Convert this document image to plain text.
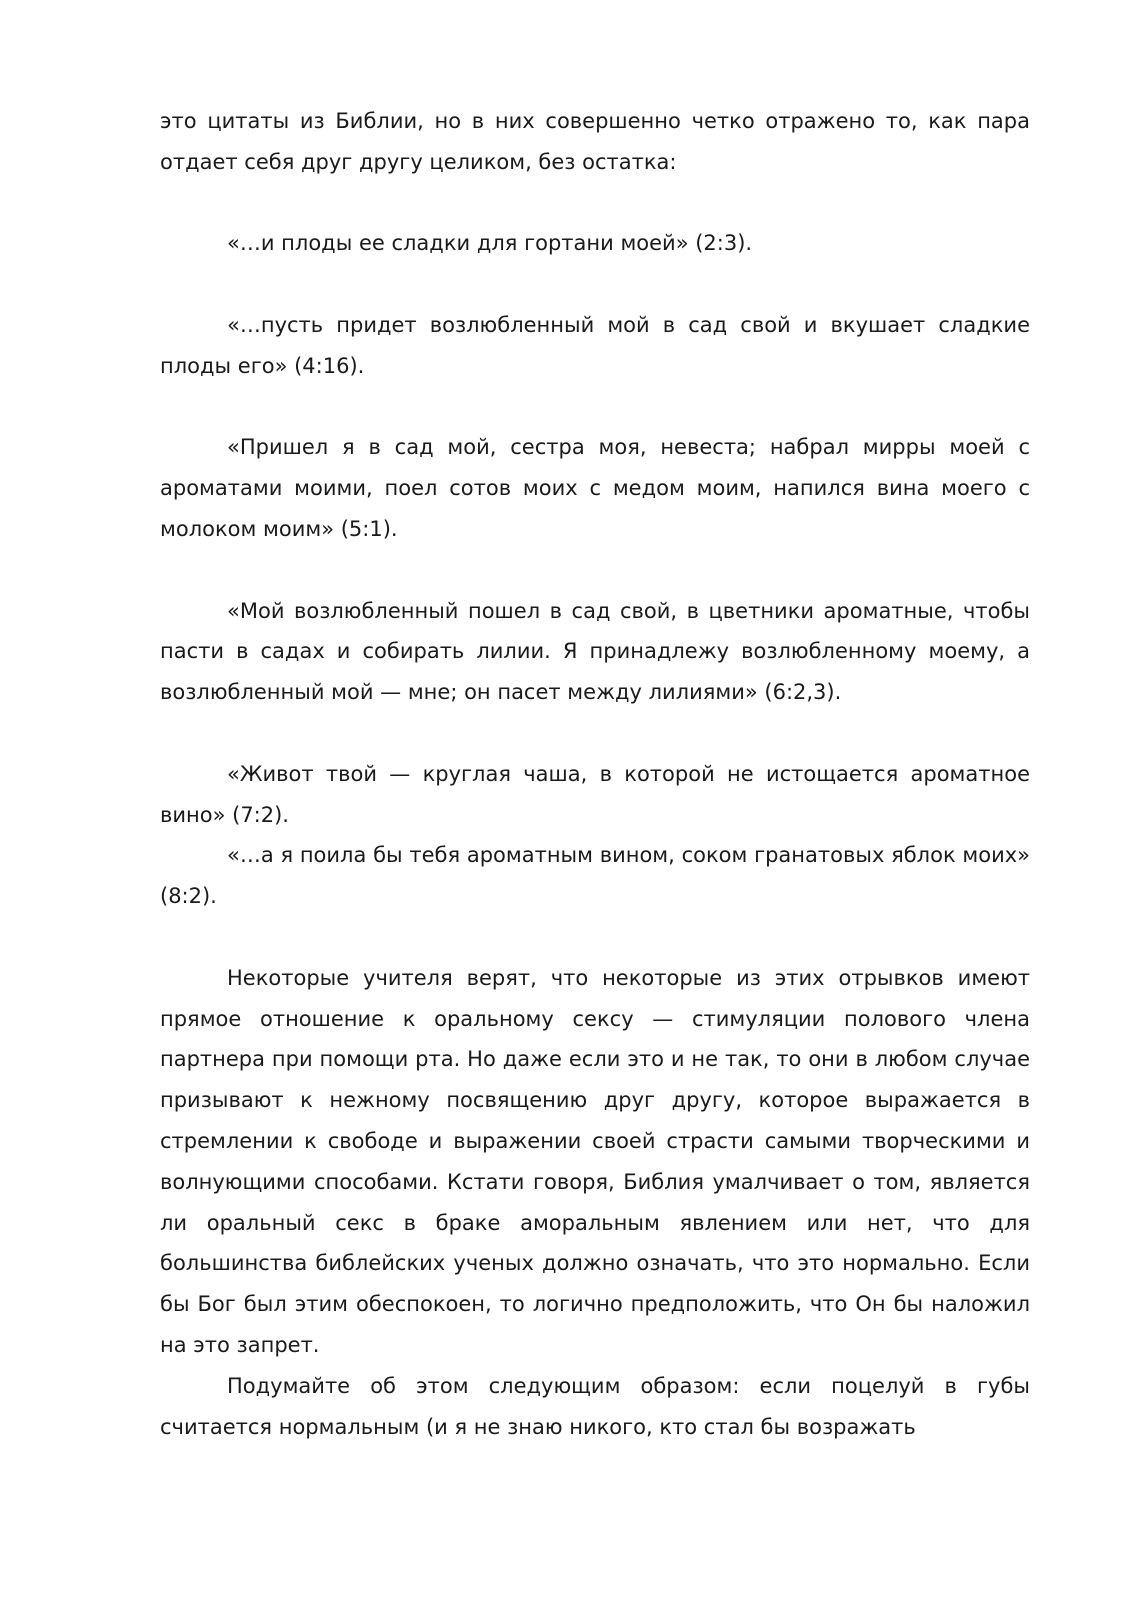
это цитаты из Библии, но в них совершенно четко отражено то, как пара отдает себя друг другу целиком, без остатка:

«…и плоды ее сладки для гортани моей» (2:3).

«…пусть придет возлюбленный мой в сад свой и вкушает сладкие плоды его» (4:16).

«Пришел я в сад мой, сестра моя, невеста; набрал мирры моей с ароматами моими, поел сотов моих с медом моим, напился вина моего с молоком моим» (5:1).

«Мой возлюбленный пошел в сад свой, в цветники ароматные, чтобы пасти в садах и собирать лилии. Я принадлежу возлюбленному моему, а возлюбленный мой — мне; он пасет между лилиями» (6:2,3).

«Живот твой — круглая чаша, в которой не истощается ароматное вино» (7:2).

«…а я поила бы тебя ароматным вином, соком гранатовых яблок моих» (8:2).

Некоторые учителя верят, что некоторые из этих отрывков имеют прямое отношение к оральному сексу — стимуляции полового члена партнера при помощи рта. Но даже если это и не так, то они в любом случае призывают к нежному посвящению друг другу, которое выражается в стремлении к свободе и выражении своей страсти самыми творческими и волнующими способами. Кстати говоря, Библия умалчивает о том, является ли оральный секс в браке аморальным явлением или нет, что для большинства библейских ученых должно означать, что это нормально. Если бы Бог был этим обеспокоен, то логично предположить, что Он бы наложил на это запрет.

Подумайте об этом следующим образом: если поцелуй в губы считается нормальным (и я не знаю никого, кто стал бы возражать
